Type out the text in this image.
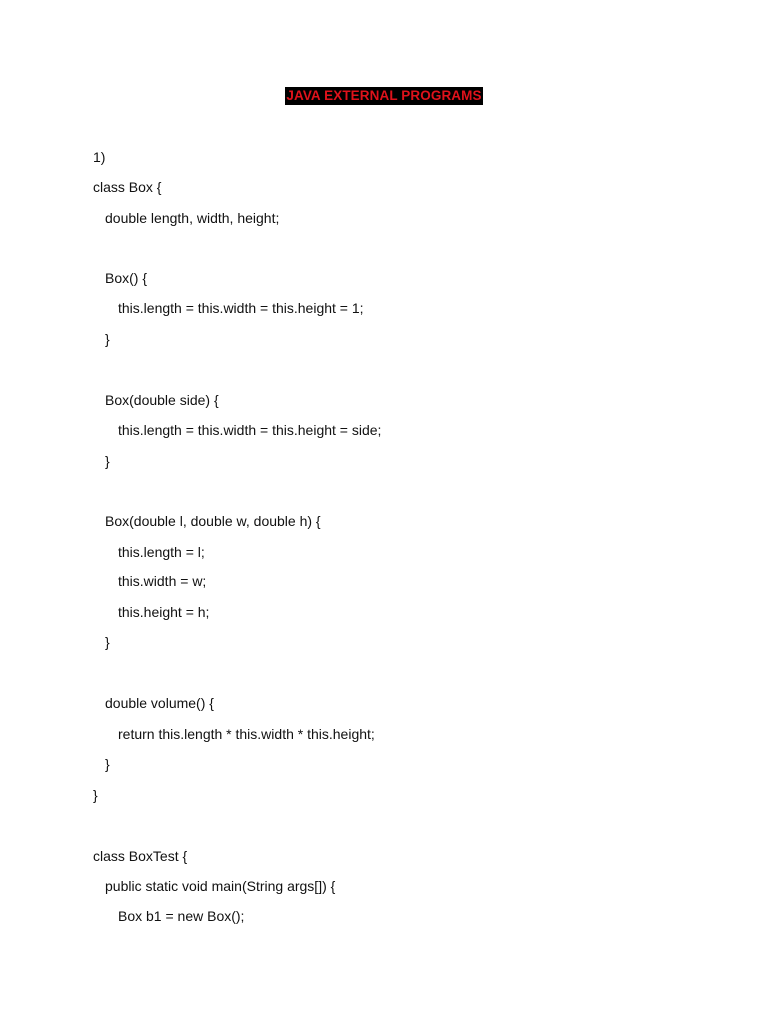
JAVA EXTERNAL PROGRAMS
1)
class Box {
double length, width, height;
Box() {
this.length = this.width = this.height = 1;
}
Box(double side) {
this.length = this.width = this.height = side;
}
Box(double l, double w, double h) {
this.length = l;
this.width = w;
this.height = h;
}
double volume() {
return this.length * this.width * this.height;
}
}
class BoxTest {
public static void main(String args[]) {
Box b1 = new Box();
